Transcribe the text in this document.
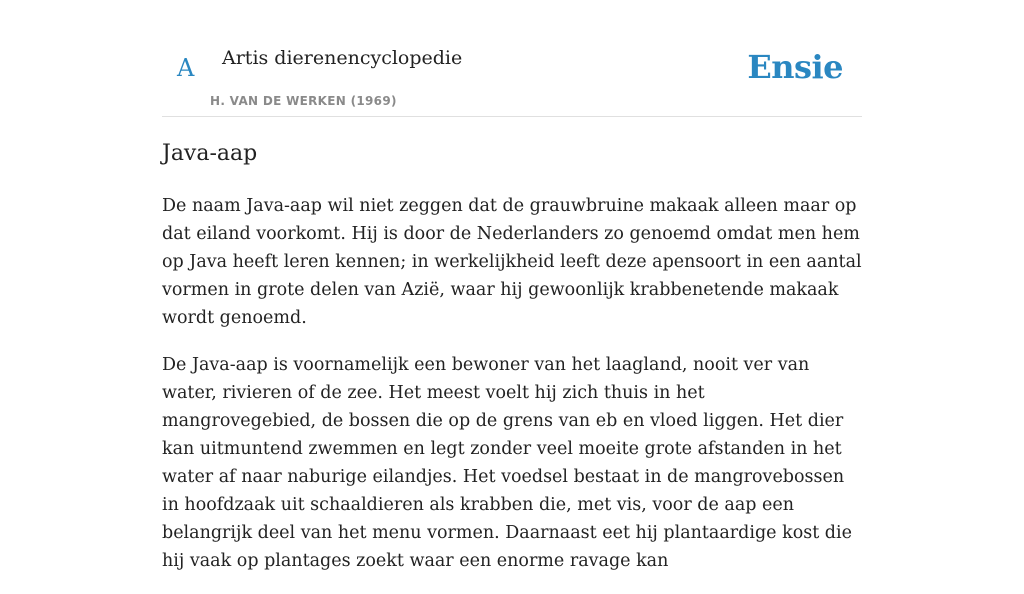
A Artis dierenencyclopedie
H. VAN DE WERKEN (1969)
Ensie
Java-aap

De naam Java-aap wil niet zeggen dat de grauwbruine makaak alleen maar op dat eiland voorkomt. Hij is door de Nederlanders zo genoemd omdat men hem op Java heeft leren kennen; in werkelijkheid leeft deze apensoort in een aantal vormen in grote delen van Azië, waar hij gewoonlijk krabbenetende makaak wordt genoemd.

De Java-aap is voornamelijk een bewoner van het laagland, nooit ver van water, rivieren of de zee. Het meest voelt hij zich thuis in het mangrovegebied, de bossen die op de grens van eb en vloed liggen. Het dier kan uitmuntend zwemmen en legt zonder veel moeite grote afstanden in het water af naar naburige eilandjes. Het voedsel bestaat in de mangrovebossen in hoofdzaak uit schaaldieren als krabben die, met vis, voor de aap een belangrijk deel van het menu vormen. Daarnaast eet hij plantaardige kost die hij vaak op plantages zoekt waar een enorme ravage kan
